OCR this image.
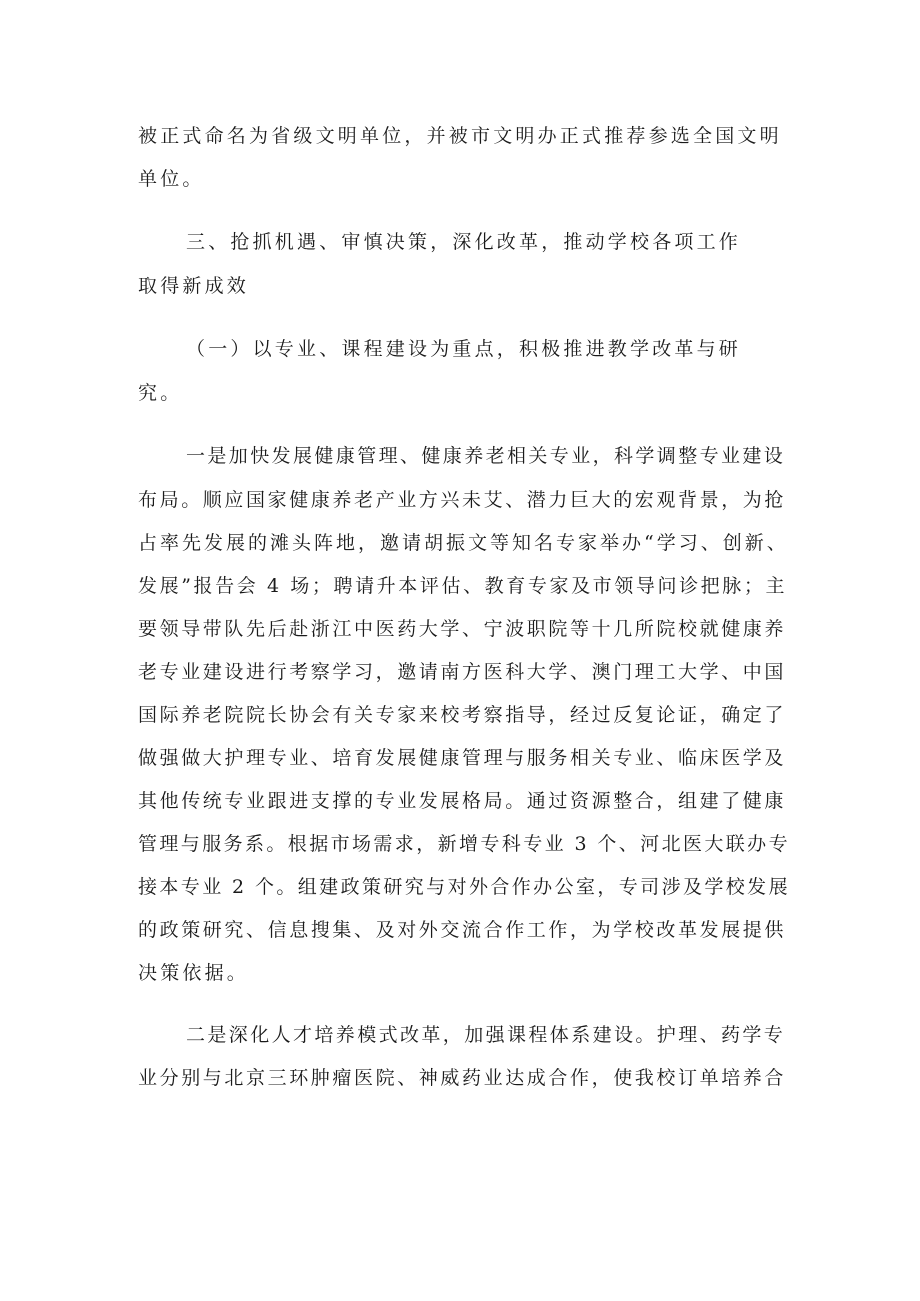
被正式命名为省级文明单位，并被市文明办正式推荐参选全国文明
单位。
三、抢抓机遇、审慎决策，深化改革，推动学校各项工作
取得新成效
（一）以专业、课程建设为重点，积极推进教学改革与研
究。
一是加快发展健康管理、健康养老相关专业，科学调整专业建设
布局。顺应国家健康养老产业方兴未艾、潜力巨大的宏观背景，为抢
占率先发展的滩头阵地，邀请胡振文等知名专家举办“学习、创新、
发展”报告会 4 场；聘请升本评估、教育专家及市领导问诊把脉；主
要领导带队先后赴浙江中医药大学、宁波职院等十几所院校就健康养
老专业建设进行考察学习，邀请南方医科大学、澳门理工大学、中国
国际养老院院长协会有关专家来校考察指导，经过反复论证，确定了
做强做大护理专业、培育发展健康管理与服务相关专业、临床医学及
其他传统专业跟进支撑的专业发展格局。通过资源整合，组建了健康
管理与服务系。根据市场需求，新增专科专业 3 个、河北医大联办专
接本专业 2 个。组建政策研究与对外合作办公室，专司涉及学校发展
的政策研究、信息搜集、及对外交流合作工作，为学校改革发展提供
决策依据。
二是深化人才培养模式改革，加强课程体系建设。护理、药学专
业分别与北京三环肿瘤医院、神威药业达成合作，使我校订单培养合
